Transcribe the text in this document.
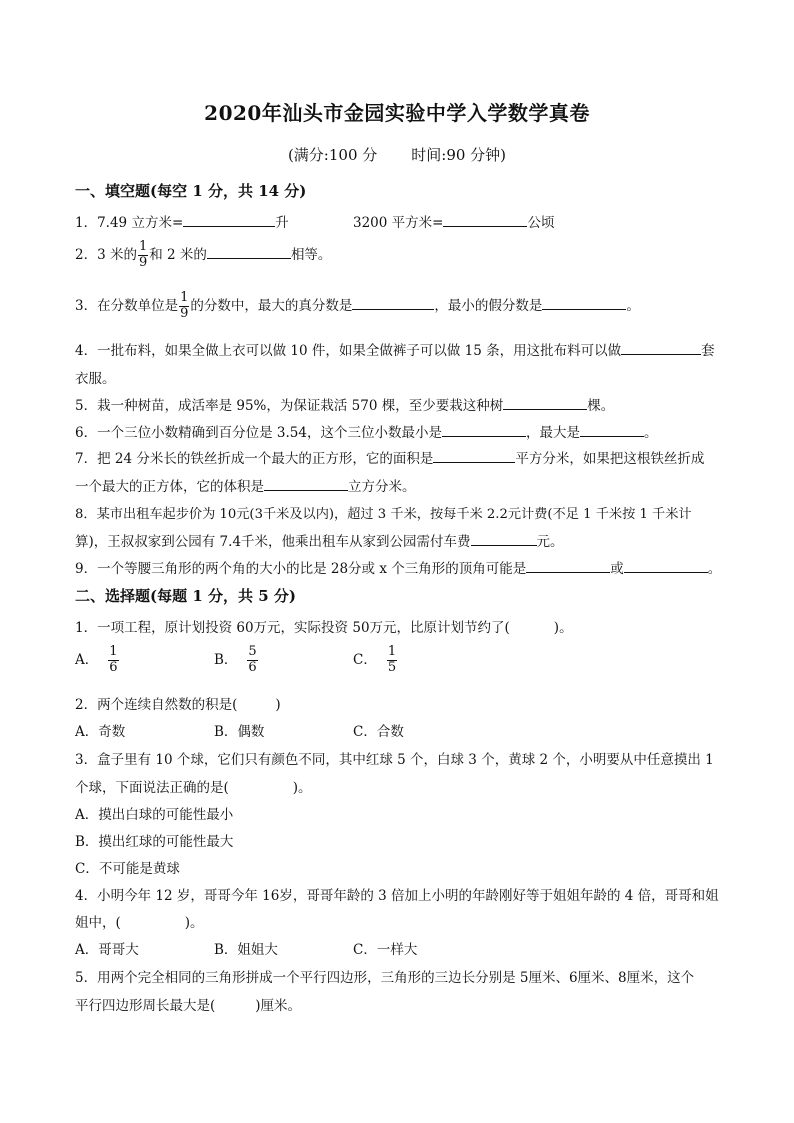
2020年汕头市金园实验中学入学数学真卷
(满分:100 分 时间:90 分钟)
一、填空题(每空 1 分，共 14 分)
1．7.49 立方米=	升	3200 平方米=	公顷
2．3 米的 $\frac{1}{9}$ 和 2 米的	相等。
3．在分数单位是 $\frac{1}{9}$ 的分数中，最大的真分数是	，最小的假分数是	。
4．一批布料，如果全做上衣可以做 10 件，如果全做裤子可以做 15 条，用这批布料可以做	套
衣服。
5．栽一种树苗，成活率是 95%，为保证栽活 570 棵，至少要栽这种树	棵。
6．一个三位小数精确到百分位是 3.54，这个三位小数最小是	，最大是	。
7．把 24 分米长的铁丝折成一个最大的正方形，它的面积是	平方分米，如果把这根铁丝折成
一个最大的正方体，它的体积是	立方分米。
8．某市出租车起步价为 10元(3千米及以内)，超过 3 千米，按每千米 2.2元计费(不足 1 千米按 1 千米计
算)，王叔叔家到公园有 7.4千米，他乘出租车从家到公园需付车费	元。
9．一个等腰三角形的两个角的大小的比是 28分或 x 个三角形的顶角可能是	或	。
二、选择题(每题 1 分，共 5 分)
1．一项工程，原计划投资 60万元，实际投资 50万元，比原计划节约了(	)。
A． $\frac{1}{6}$	B． $\frac{5}{6}$	C． $\frac{1}{5}$
2．两个连续自然数的积是(	)
A．奇数	B．偶数	C．合数
3．盒子里有 10 个球，它们只有颜色不同，其中红球 5 个，白球 3 个，黄球 2 个，小明要从中任意摸出 1
个球，下面说法正确的是(	)。
A．摸出白球的可能性最小
B．摸出红球的可能性最大
C．不可能是黄球
4．小明今年 12 岁，哥哥今年 16岁，哥哥年龄的 3 倍加上小明的年龄刚好等于姐姐年龄的 4 倍，哥哥和姐
姐中，(	)。
A．哥哥大	B．姐姐大	C．一样大
5．用两个完全相同的三角形拼成一个平行四边形，三角形的三边长分别是 5厘米、6厘米、8厘米，这个
平行四边形周长最大是(	)厘米。
